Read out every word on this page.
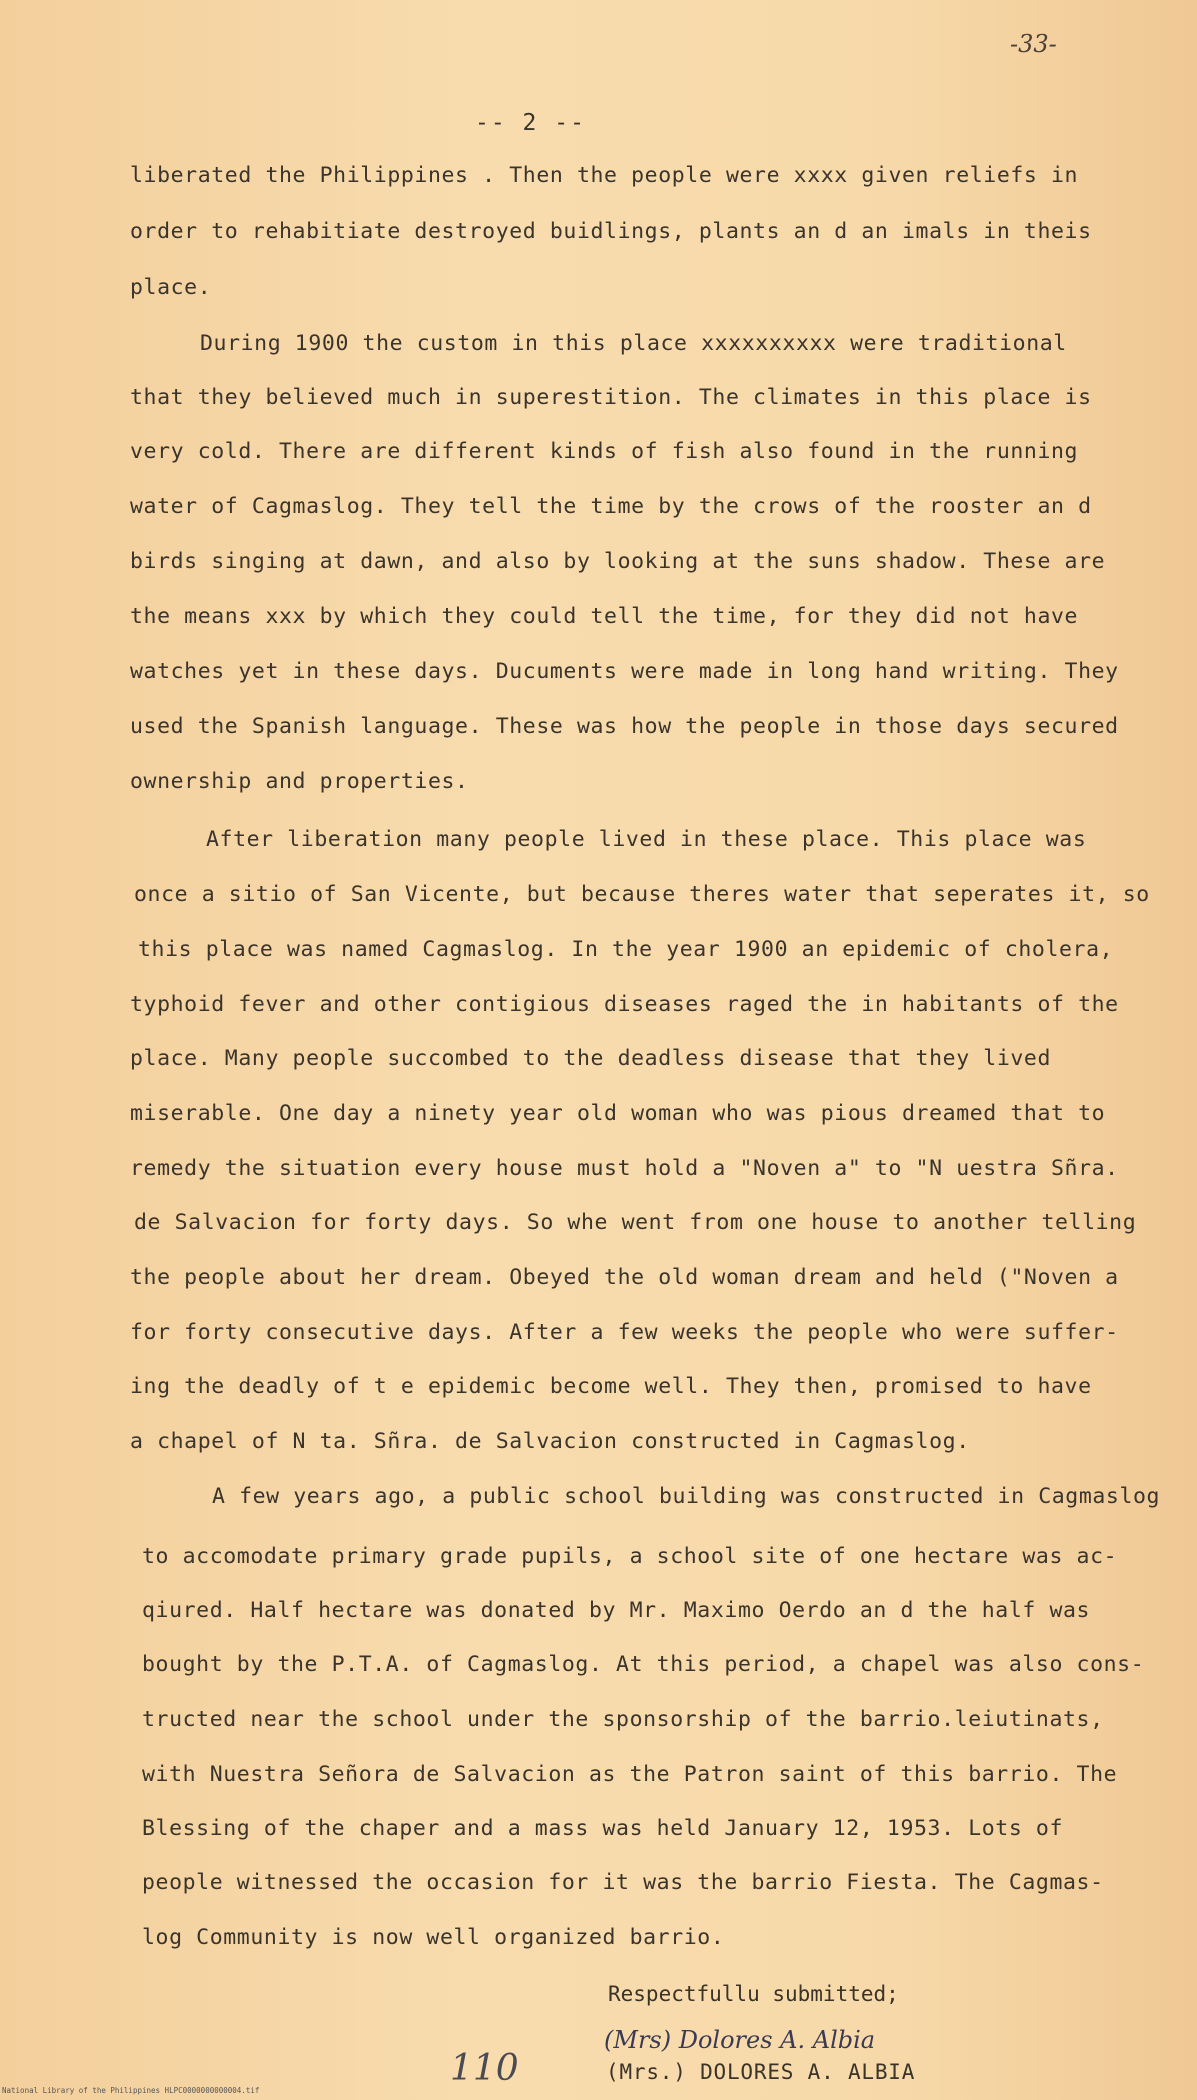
-33-
-- 2 --
liberated the Philippines . Then the people were xxxx given reliefs in
order to rehabitiate destroyed buidlings, plants an d an imals in theis
place.
During 1900 the custom in this place xxxxxxxxxx were traditional
that they believed much in superestition. The climates in this place is
very cold. There are different kinds of fish also found in the running
water of Cagmaslog. They tell the time by the crows of the rooster an d
birds singing at dawn, and also by looking at the suns shadow. These are
the means xxx by which they could tell the time, for they did not have
watches yet in these days. Ducuments were made in long hand writing. They
used the Spanish language. These was how the people in those days secured
ownership and properties.
After liberation many people lived in these place. This place was
once a sitio of San Vicente, but because theres water that seperates it, so
this place was named Cagmaslog. In the year 1900 an epidemic of cholera,
typhoid fever and other contigious diseases raged the in habitants of the
place. Many people succombed to the deadless disease that they lived
miserable. One day a ninety year old woman who was pious dreamed that to
remedy the situation every house must hold a "Noven a" to "N uestra Sñra.
de Salvacion for forty days. So whe went from one house to another telling
the people about her dream. Obeyed the old woman dream and held ("Noven a
for forty consecutive days. After a few weeks the people who were suffer-
ing the deadly of t e epidemic become well. They then, promised to have
a chapel of N ta. Sñra. de Salvacion constructed in Cagmaslog.
A few years ago, a public school building was constructed in Cagmaslog
to accomodate primary grade pupils, a school site of one hectare was ac-
qiured. Half hectare was donated by Mr. Maximo Oerdo an d the half was
bought by the P.T.A. of Cagmaslog. At this period, a chapel was also cons-
tructed near the school under the sponsorship of the barrio.leiutinats,
with Nuestra Señora de Salvacion as the Patron saint of this barrio. The
Blessing of the chaper and a mass was held January 12, 1953. Lots of
people witnessed the occasion for it was the barrio Fiesta. The Cagmas-
log Community is now well organized barrio.
Respectfullu submitted;
(Mrs) Dolores A. Albia
(Mrs.) DOLORES A. ALBIA
110
National Library of the Philippines HLPC0000000000004.tif
